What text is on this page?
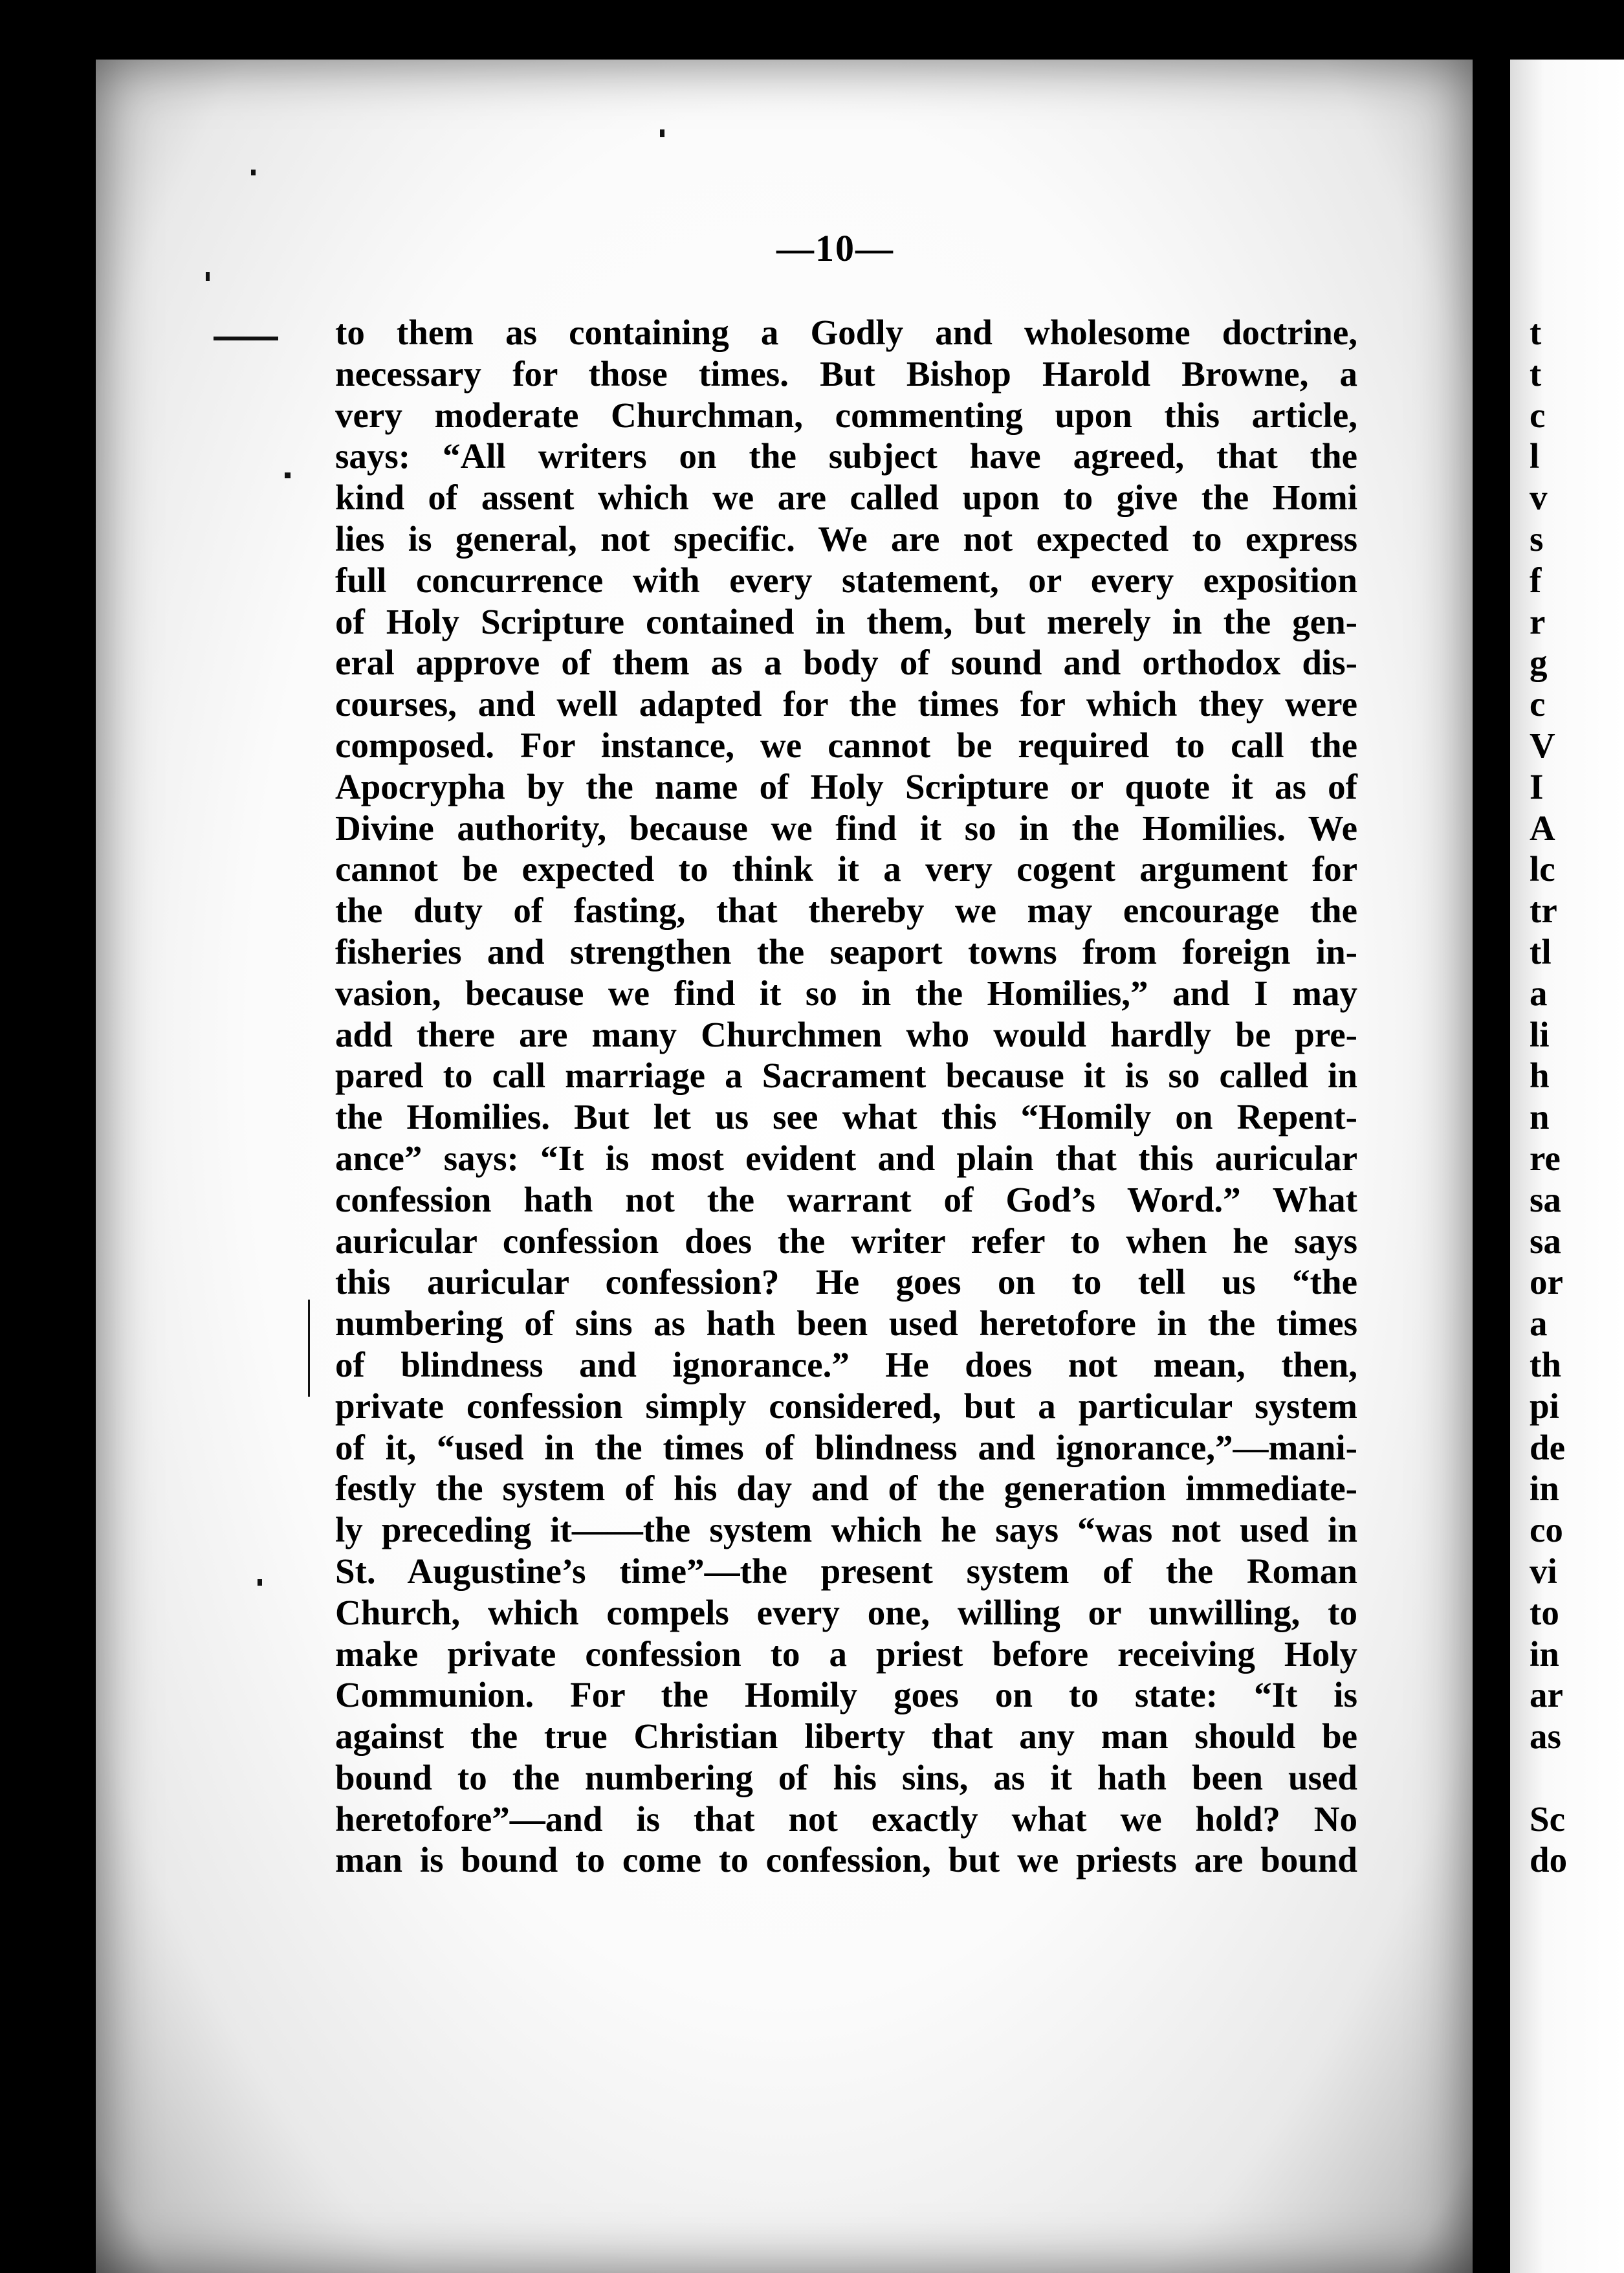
—10—
to them as containing a Godly and wholesome doctrine,
necessary for those times. But Bishop Harold Browne, a
very moderate Churchman, commenting upon this article,
says: “All writers on the subject have agreed, that the
kind of assent which we are called upon to give the Homi
lies is general, not specific. We are not expected to express
full concurrence with every statement, or every exposition
of Holy Scripture contained in them, but merely in the gen-
eral approve of them as a body of sound and orthodox dis-
courses, and well adapted for the times for which they were
composed. For instance, we cannot be required to call the
Apocrypha by the name of Holy Scripture or quote it as of
Divine authority, because we find it so in the Homilies. We
cannot be expected to think it a very cogent argument for
the duty of fasting, that thereby we may encourage the
fisheries and strengthen the seaport towns from foreign in-
vasion, because we find it so in the Homilies,” and I may
add there are many Churchmen who would hardly be pre-
pared to call marriage a Sacrament because it is so called in
the Homilies. But let us see what this “Homily on Repent-
ance” says: “It is most evident and plain that this auricular
confession hath not the warrant of God’s Word.” What
auricular confession does the writer refer to when he says
this auricular confession? He goes on to tell us “the
numbering of sins as hath been used heretofore in the times
of blindness and ignorance.” He does not mean, then,
private confession simply considered, but a particular system
of it, “used in the times of blindness and ignorance,”—mani-
festly the system of his day and of the generation immediate-
ly preceding it——the system which he says “was not used in
St. Augustine’s time”—the present system of the Roman
Church, which compels every one, willing or unwilling, to
make private confession to a priest before receiving Holy
Communion. For the Homily goes on to state: “It is
against the true Christian liberty that any man should be
bound to the numbering of his sins, as it hath been used
heretofore”—and is that not exactly what we hold? No
man is bound to come to confession, but we priests are bound
t
t
c
l
v
s
f
r
g
c
V
I
A
lc
tr
tl
a
li
h
n
re
sa
sa
or
a
th
pi
de
in
co
vi
to
in
ar
as
Sc
do
